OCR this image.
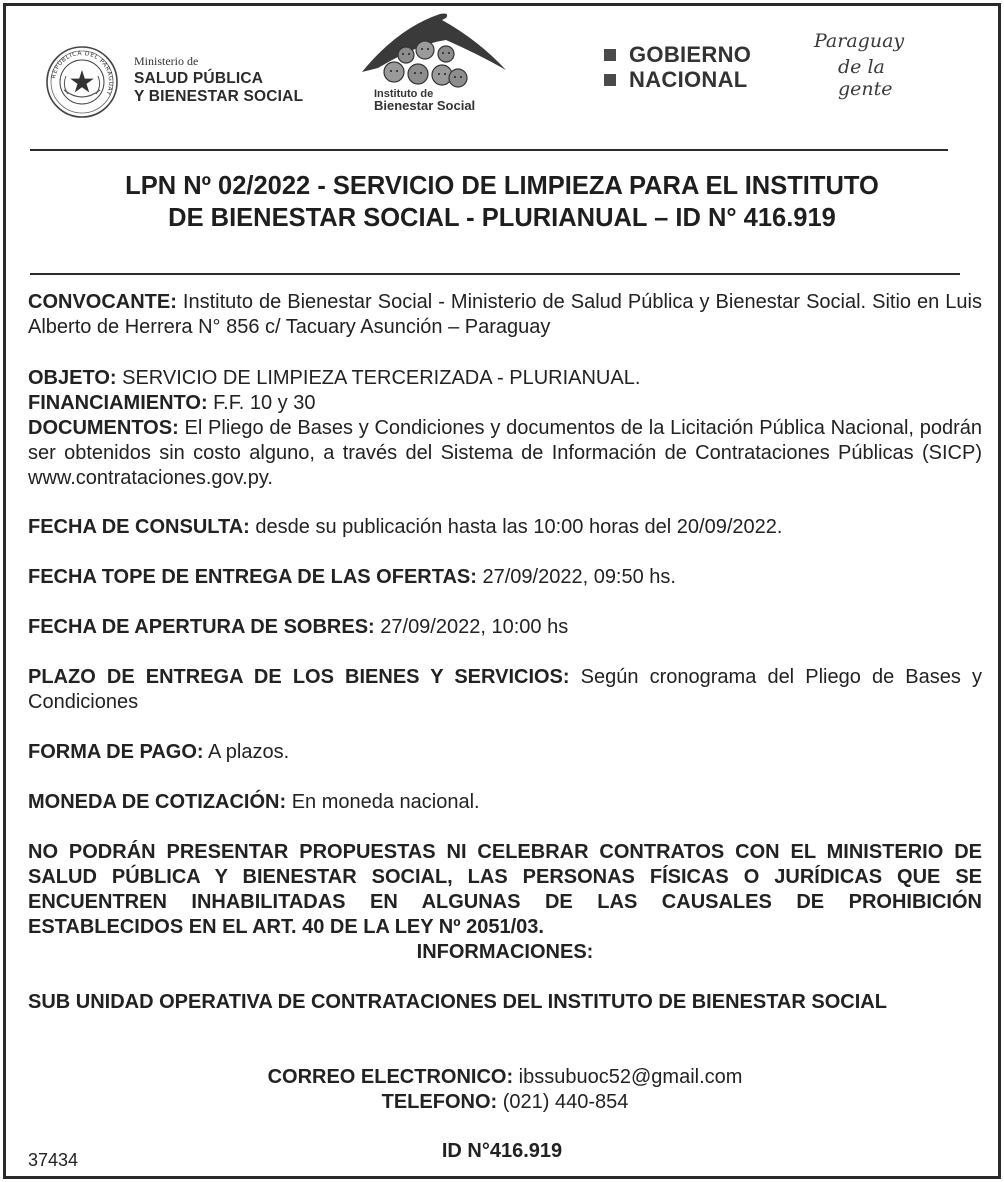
REPÚBLICA DEL PARAGUAY
Ministerio de
SALUD PÚBLICA
Y BIENESTAR SOCIAL	Instituto de
Bienestar Social
GOBIERNO
NACIONAL
Paraguay
de la gente
LPN Nº 02/2022 - SERVICIO DE LIMPIEZA PARA EL INSTITUTO
DE BIENESTAR SOCIAL - PLURIANUAL – ID N° 416.919
CONVOCANTE: Instituto de Bienestar Social - Ministerio de Salud Pública y Bienestar Social. Sitio en Luis Alberto de Herrera N° 856 c/ Tacuary Asunción – Paraguay
OBJETO: SERVICIO DE LIMPIEZA TERCERIZADA - PLURIANUAL.
FINANCIAMIENTO: F.F. 10 y 30
DOCUMENTOS: El Pliego de Bases y Condiciones y documentos de la Licitación Pública Nacional, podrán ser obtenidos sin costo alguno, a través del Sistema de Información de Contrataciones Públicas (SICP) www.contrataciones.gov.py.
FECHA DE CONSULTA: desde su publicación hasta las 10:00 horas del 20/09/2022.
FECHA TOPE DE ENTREGA DE LAS OFERTAS: 27/09/2022, 09:50 hs.
FECHA DE APERTURA DE SOBRES: 27/09/2022, 10:00 hs
PLAZO DE ENTREGA DE LOS BIENES Y SERVICIOS: Según cronograma del Pliego de Bases y Condiciones
FORMA DE PAGO: A plazos.
MONEDA DE COTIZACIÓN: En moneda nacional.
NO PODRÁN PRESENTAR PROPUESTAS NI CELEBRAR CONTRATOS CON EL MINISTERIO DE SALUD PÚBLICA Y BIENESTAR SOCIAL, LAS PERSONAS FÍSICAS O JURÍDICAS QUE SE ENCUENTREN INHABILITADAS EN ALGUNAS DE LAS CAUSALES DE PROHIBICIÓN ESTABLECIDOS EN EL ART. 40 DE LA LEY Nº 2051/03.
INFORMACIONES:
SUB UNIDAD OPERATIVA DE CONTRATACIONES DEL INSTITUTO DE BIENESTAR SOCIAL
CORREO ELECTRONICO: ibssubuoc52@gmail.com
TELEFONO: (021) 440-854
ID N°416.919
37434
